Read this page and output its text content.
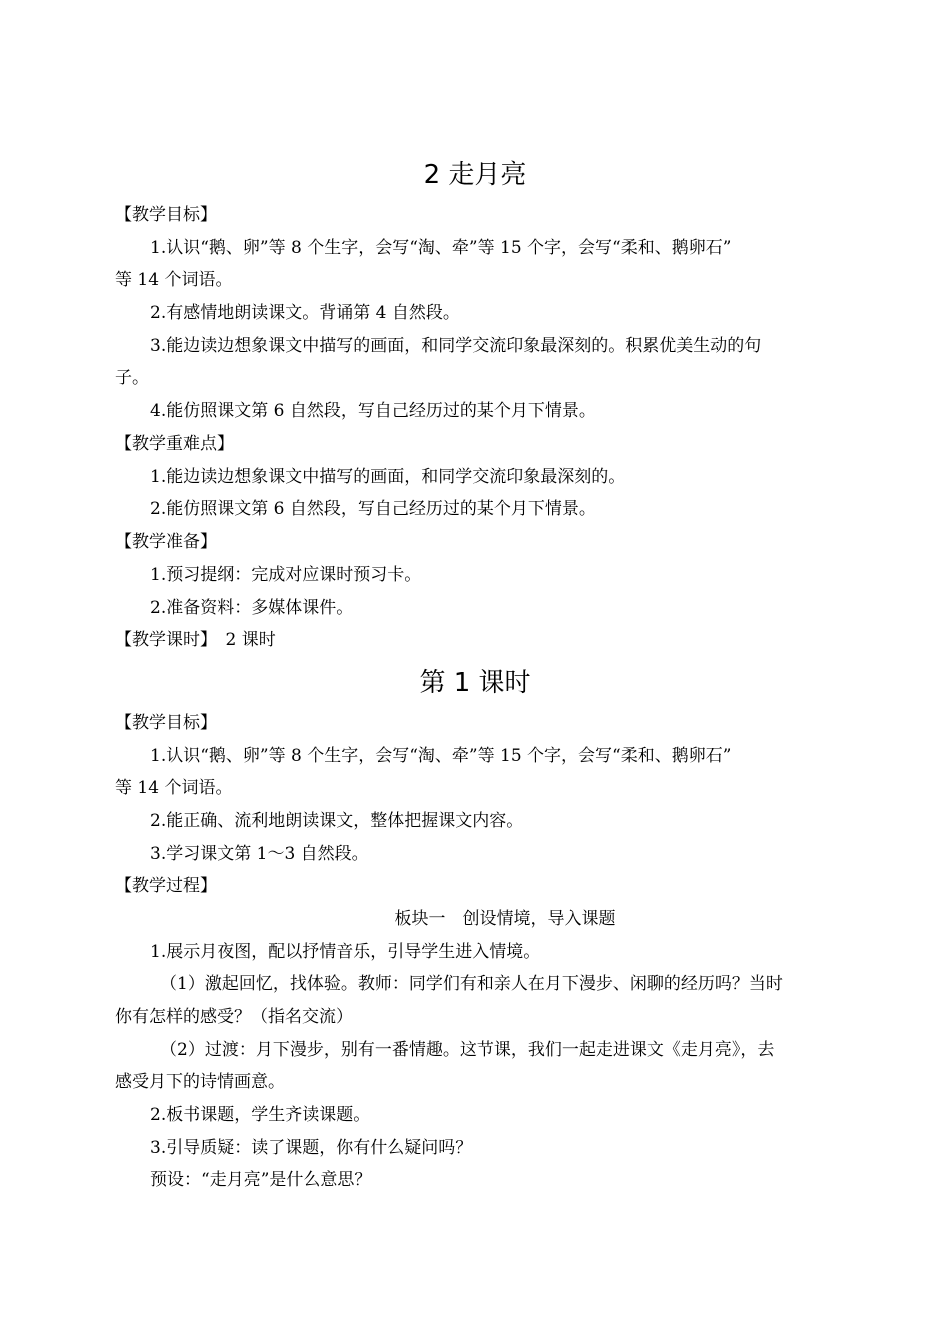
2 走月亮

【教学目标】

1.认识“鹅、卵”等 8 个生字，会写“淘、牵”等 15 个字，会写“柔和、鹅卵石”

等 14 个词语。

2.有感情地朗读课文。背诵第 4 自然段。

3.能边读边想象课文中描写的画面，和同学交流印象最深刻的。积累优美生动的句

子。

4.能仿照课文第 6 自然段，写自己经历过的某个月下情景。

【教学重难点】

1.能边读边想象课文中描写的画面，和同学交流印象最深刻的。

2.能仿照课文第 6 自然段，写自己经历过的某个月下情景。

【教学准备】

1.预习提纲：完成对应课时预习卡。

2.准备资料：多媒体课件。

【教学课时】　2 课时

第 1 课时

【教学目标】

1.认识“鹅、卵”等 8 个生字，会写“淘、牵”等 15 个字，会写“柔和、鹅卵石”

等 14 个词语。

2.能正确、流利地朗读课文，整体把握课文内容。

3.学习课文第 1～3 自然段。

【教学过程】

板块一　创设情境，导入课题

1.展示月夜图，配以抒情音乐，引导学生进入情境。

（1）激起回忆，找体验。教师：同学们有和亲人在月下漫步、闲聊的经历吗？当时

你有怎样的感受？（指名交流）

（2）过渡：月下漫步，别有一番情趣。这节课，我们一起走进课文《走月亮》，去

感受月下的诗情画意。

2.板书课题，学生齐读课题。

3.引导质疑：读了课题，你有什么疑问吗？

预设：“走月亮”是什么意思？
